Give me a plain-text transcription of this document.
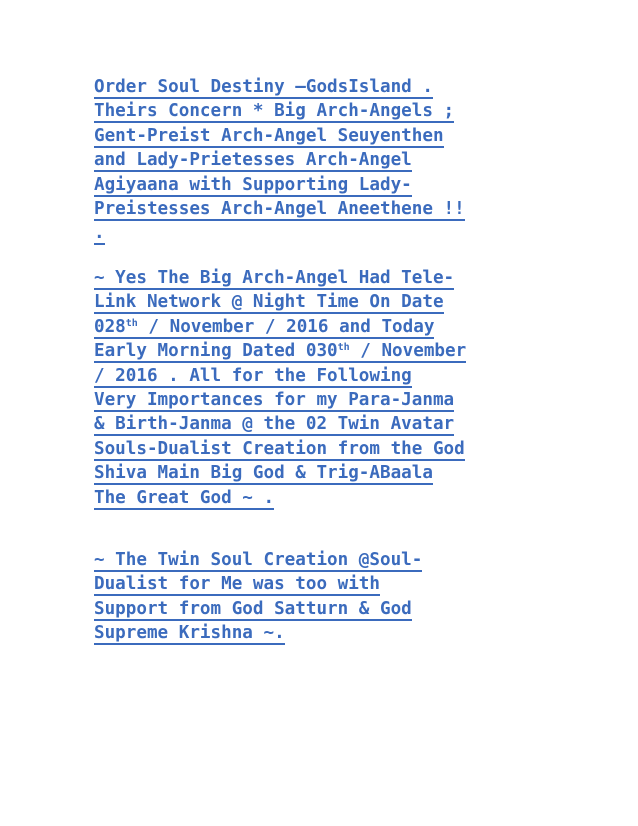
Order Soul Destiny –GodsIsland .
Theirs Concern * Big Arch-Angels ;
Gent-Preist Arch-Angel Seuyenthen
and Lady-Prietesses Arch-Angel
Agiyaana with Supporting Lady-
Preistesses Arch-Angel Aneethene !!
.
~ Yes The Big Arch-Angel Had Tele-
Link Network @ Night Time On Date
028th / November / 2016 and Today
Early Morning Dated 030th / November
/ 2016 . All for the Following
Very Importances for my Para-Janma
& Birth-Janma @ the 02 Twin Avatar
Souls-Dualist Creation from the God
Shiva Main Big God & Trig-ABaala
The Great God ~ .
~ The Twin Soul Creation @Soul-
Dualist for Me was too with
Support from God Satturn & God
Supreme Krishna ~.
